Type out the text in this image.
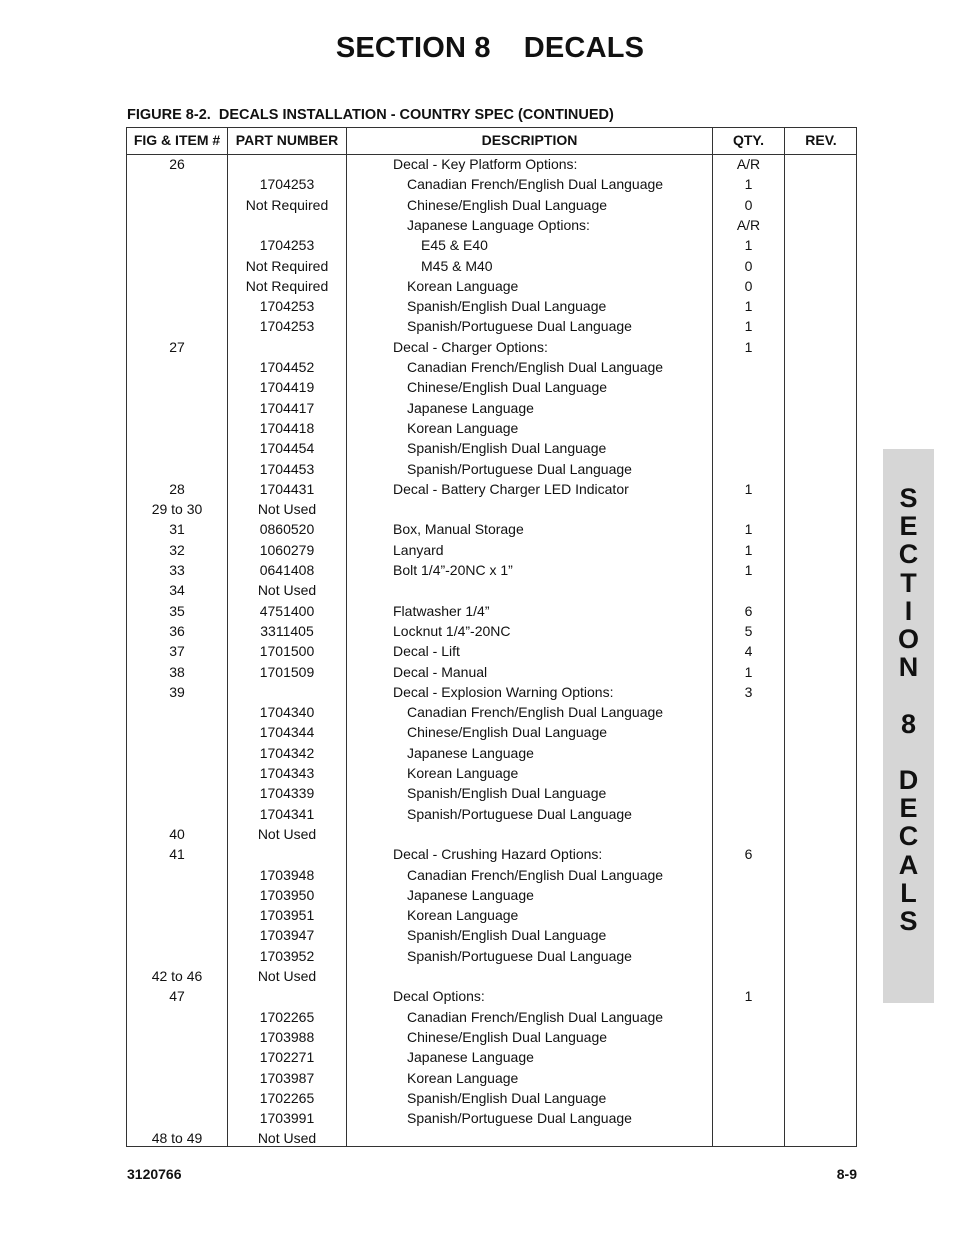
SECTION 8    DECALS
FIGURE 8-2.  DECALS INSTALLATION - COUNTRY SPEC (CONTINUED)
FIG & ITEM #	PART NUMBER	DESCRIPTION	QTY.	REV.
26	Decal - Key Platform Options:	A/R
1704253	Canadian French/English Dual Language	1
Not Required	Chinese/English Dual Language	0
Japanese Language Options:	A/R
1704253	E45 & E40	1
Not Required	M45 & M40	0
Not Required	Korean Language	0
1704253	Spanish/English Dual Language	1
1704253	Spanish/Portuguese Dual Language	1
27	Decal - Charger Options:	1
1704452	Canadian French/English Dual Language
1704419	Chinese/English Dual Language
1704417	Japanese Language
1704418	Korean Language
1704454	Spanish/English Dual Language
1704453	Spanish/Portuguese Dual Language
28	1704431	Decal - Battery Charger LED Indicator	1
29 to 30	Not Used
31	0860520	Box, Manual Storage	1
32	1060279	Lanyard	1
33	0641408	Bolt 1/4”-20NC x 1”	1
34	Not Used
35	4751400	Flatwasher 1/4”	6
36	3311405	Locknut 1/4”-20NC	5
37	1701500	Decal - Lift	4
38	1701509	Decal - Manual	1
39	Decal - Explosion Warning Options:	3
1704340	Canadian French/English Dual Language
1704344	Chinese/English Dual Language
1704342	Japanese Language
1704343	Korean Language
1704339	Spanish/English Dual Language
1704341	Spanish/Portuguese Dual Language
40	Not Used
41	Decal - Crushing Hazard Options:	6
1703948	Canadian French/English Dual Language
1703950	Japanese Language
1703951	Korean Language
1703947	Spanish/English Dual Language
1703952	Spanish/Portuguese Dual Language
42 to 46	Not Used
47	Decal Options:	1
1702265	Canadian French/English Dual Language
1703988	Chinese/English Dual Language
1702271	Japanese Language
1703987	Korean Language
1702265	Spanish/English Dual Language
1703991	Spanish/Portuguese Dual Language
48 to 49	Not Used
S
E
C
T
I
O
N
8
D
E
C
A
L
S
3120766	8-9
